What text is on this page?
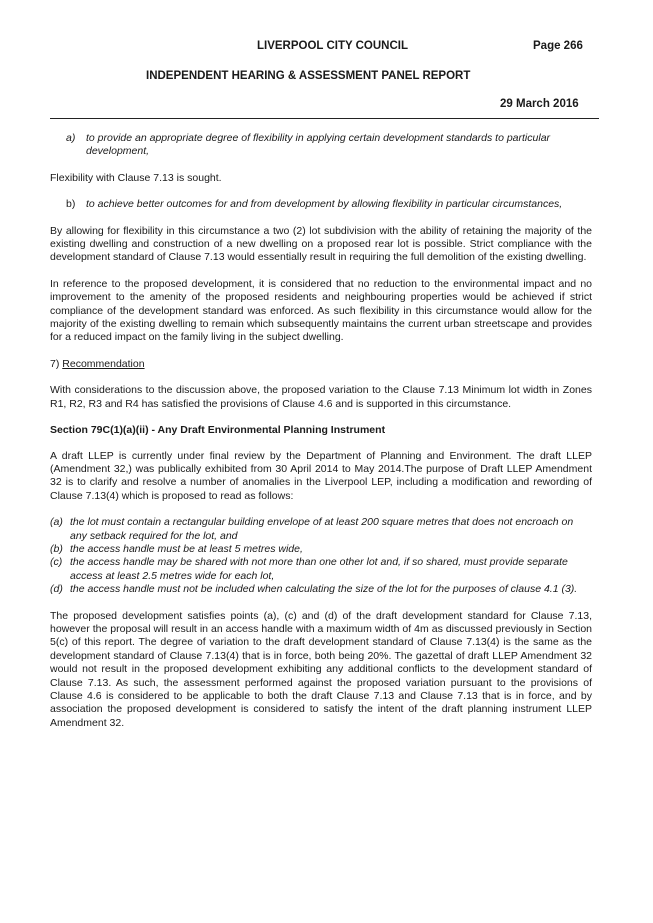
LIVERPOOL CITY COUNCIL	Page 266
INDEPENDENT HEARING & ASSESSMENT PANEL REPORT
29 March 2016
a)	to provide an appropriate degree of flexibility in applying certain development standards to particular development,

Flexibility with Clause 7.13 is sought.

b)	to achieve better outcomes for and from development by allowing flexibility in particular circumstances,

By allowing for flexibility in this circumstance a two (2) lot subdivision with the ability of retaining the majority of the existing dwelling and construction of a new dwelling on a proposed rear lot is possible. Strict compliance with the development standard of Clause 7.13 would essentially result in requiring the full demolition of the existing dwelling.

In reference to the proposed development, it is considered that no reduction to the environmental impact and no improvement to the amenity of the proposed residents and neighbouring properties would be achieved if strict compliance of the development standard was enforced. As such flexibility in this circumstance would allow for the majority of the existing dwelling to remain which subsequently maintains the current urban streetscape and provides for a reduced impact on the family living in the subject dwelling.

7) Recommendation

With considerations to the discussion above, the proposed variation to the Clause 7.13 Minimum lot width in Zones R1, R2, R3 and R4 has satisfied the provisions of Clause 4.6 and is supported in this circumstance.

Section 79C(1)(a)(ii) - Any Draft Environmental Planning Instrument

A draft LLEP is currently under final review by the Department of Planning and Environment. The draft LLEP (Amendment 32,) was publically exhibited from 30 April 2014 to May 2014.The purpose of Draft LLEP Amendment 32 is to clarify and resolve a number of anomalies in the Liverpool LEP, including a modification and rewording of Clause 7.13(4) which is proposed to read as follows:

(a) the lot must contain a rectangular building envelope of at least 200 square metres that does not encroach on any setback required for the lot, and
(b) the access handle must be at least 5 metres wide,
(c) the access handle may be shared with not more than one other lot and, if so shared, must provide separate access at least 2.5 metres wide for each lot,
(d) the access handle must not be included when calculating the size of the lot for the purposes of clause 4.1 (3).

The proposed development satisfies points (a), (c) and (d) of the draft development standard for Clause 7.13, however the proposal will result in an access handle with a maximum width of 4m as discussed previously in Section 5(c) of this report. The degree of variation to the draft development standard of Clause 7.13(4) is the same as the development standard of Clause 7.13(4) that is in force, both being 20%. The gazettal of draft LLEP Amendment 32 would not result in the proposed development exhibiting any additional conflicts to the development standard of Clause 7.13. As such, the assessment performed against the proposed variation pursuant to the provisions of Clause 4.6 is considered to be applicable to both the draft Clause 7.13 and Clause 7.13 that is in force, and by association the proposed development is considered to satisfy the intent of the draft planning instrument LLEP Amendment 32.
